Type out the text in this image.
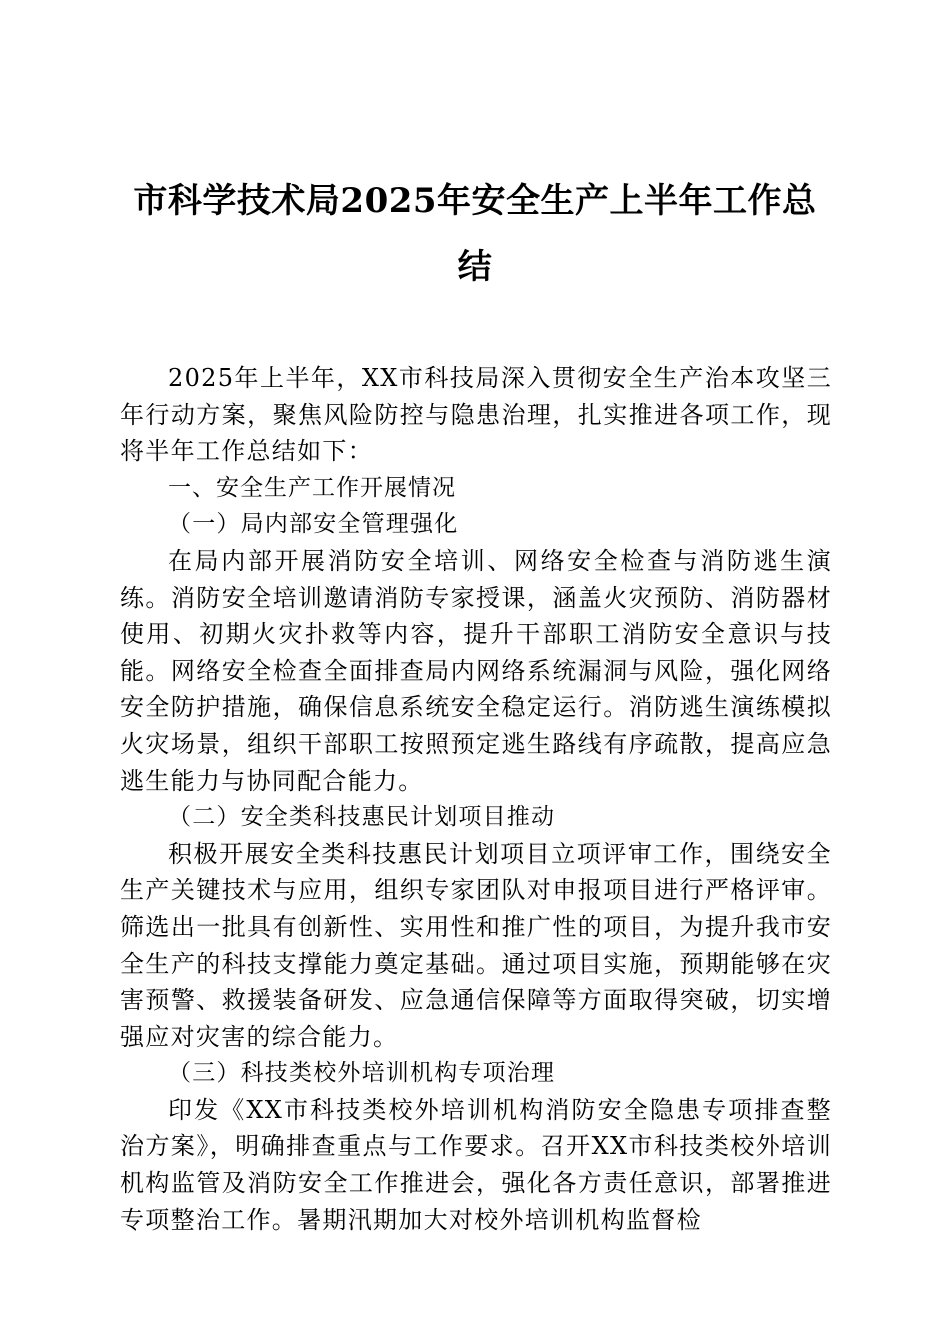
市科学技术局2025年安全生产上半年工作总结

2025年上半年，XX市科技局深入贯彻安全生产治本攻坚三年行动方案，聚焦风险防控与隐患治理，扎实推进各项工作，现将半年工作总结如下：

一、安全生产工作开展情况

（一）局内部安全管理强化

在局内部开展消防安全培训、网络安全检查与消防逃生演练。消防安全培训邀请消防专家授课，涵盖火灾预防、消防器材使用、初期火灾扑救等内容，提升干部职工消防安全意识与技能。网络安全检查全面排查局内网络系统漏洞与风险，强化网络安全防护措施，确保信息系统安全稳定运行。消防逃生演练模拟火灾场景，组织干部职工按照预定逃生路线有序疏散，提高应急逃生能力与协同配合能力。

（二）安全类科技惠民计划项目推动

积极开展安全类科技惠民计划项目立项评审工作，围绕安全生产关键技术与应用，组织专家团队对申报项目进行严格评审。筛选出一批具有创新性、实用性和推广性的项目，为提升我市安全生产的科技支撑能力奠定基础。通过项目实施，预期能够在灾害预警、救援装备研发、应急通信保障等方面取得突破，切实增强应对灾害的综合能力。

（三）科技类校外培训机构专项治理

印发《XX市科技类校外培训机构消防安全隐患专项排查整治方案》，明确排查重点与工作要求。召开XX市科技类校外培训机构监管及消防安全工作推进会，强化各方责任意识，部署推进专项整治工作。暑期汛期加大对校外培训机构监督检
